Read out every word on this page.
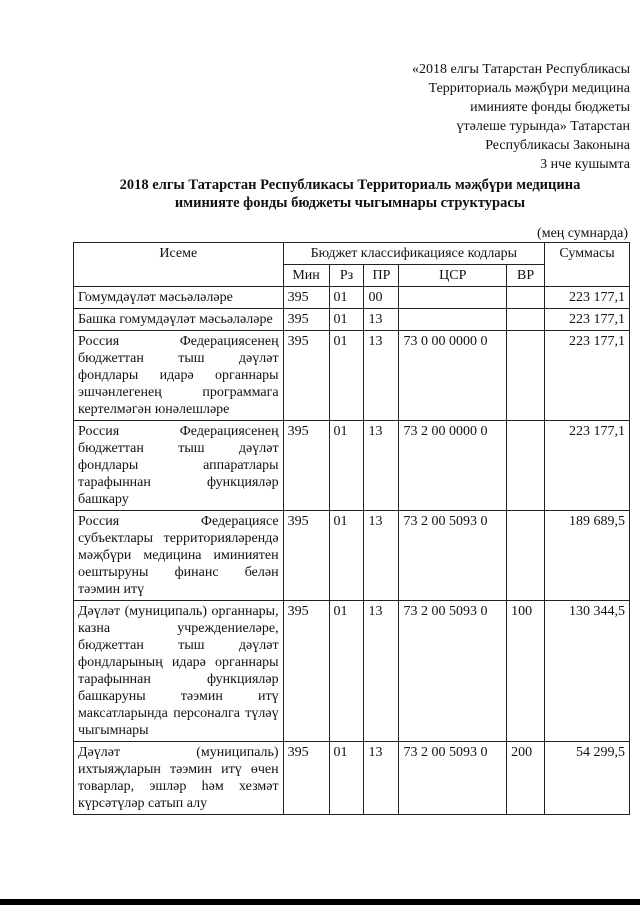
«2018 елгы Татарстан Республикасы
Территориаль мәҗбүри медицина
иминияте фонды бюджеты
үтәлеше турында» Татарстан
Республикасы Законына
3 нче кушымта
2018 елгы Татарстан Республикасы Территориаль мәҗбүри медицина
иминияте фонды бюджеты чыгымнары структурасы
(мең сумнарда)
Исеме	Бюджет классификациясе кодлары					Суммасы
	Мин	Рз	ПР	ЦСР	ВР	
Гомумдәүләт мәсьәләләре	395	01	00			223 177,1
Башка гомумдәүләт мәсьәләләре	395	01	13			223 177,1
Россия Федерациясенең бюджеттан тыш дәүләт фондлары идарә органнары эшчәнлегенең программага кертелмәгән юнәлешләре	395	01	13	73 0 00 0000 0		223 177,1
Россия Федерациясенең бюджеттан тыш дәүләт фондлары аппаратлары тарафыннан функцияләр башкару	395	01	13	73 2 00 0000 0		223 177,1
Россия Федерациясе субъектлары территорияләрендә мәҗбүри медицина иминиятен оештыруны финанс белән тәэмин итү	395	01	13	73 2 00 5093 0		189 689,5
Дәүләт (муниципаль) органнары, казна учреждениеләре, бюджеттан тыш дәүләт фондларының идарә органнары тарафыннан функцияләр башкаруны тәэмин итү максатларында персоналга түләү чыгымнары	395	01	13	73 2 00 5093 0	100	130 344,5
Дәүләт (муниципаль) ихтыяҗларын тәэмин итү өчен товарлар, эшләр һәм хезмәт күрсәтүләр сатып алу	395	01	13	73 2 00 5093 0	200	54 299,5
